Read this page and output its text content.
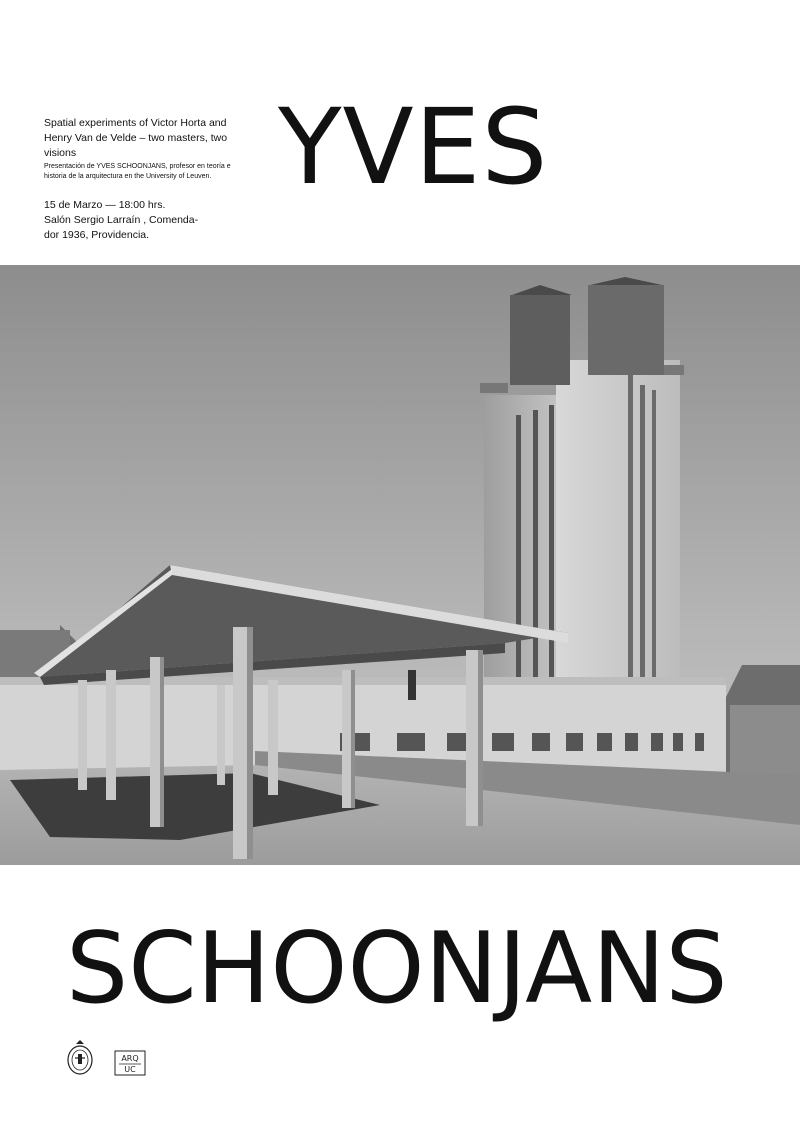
Spatial experiments of Victor Horta and Henry Van de Velde – two masters, two visions

Presentación de YVES SCHOONJANS, profesor en teoría e historia de la arquitectura en the University of Leuven.

15 de Marzo — 18:00 hrs.
Salón Sergio Larraín , Comenda-
dor 1936, Providencia.
YVES
SCHOONJANS
ARQ
UC
